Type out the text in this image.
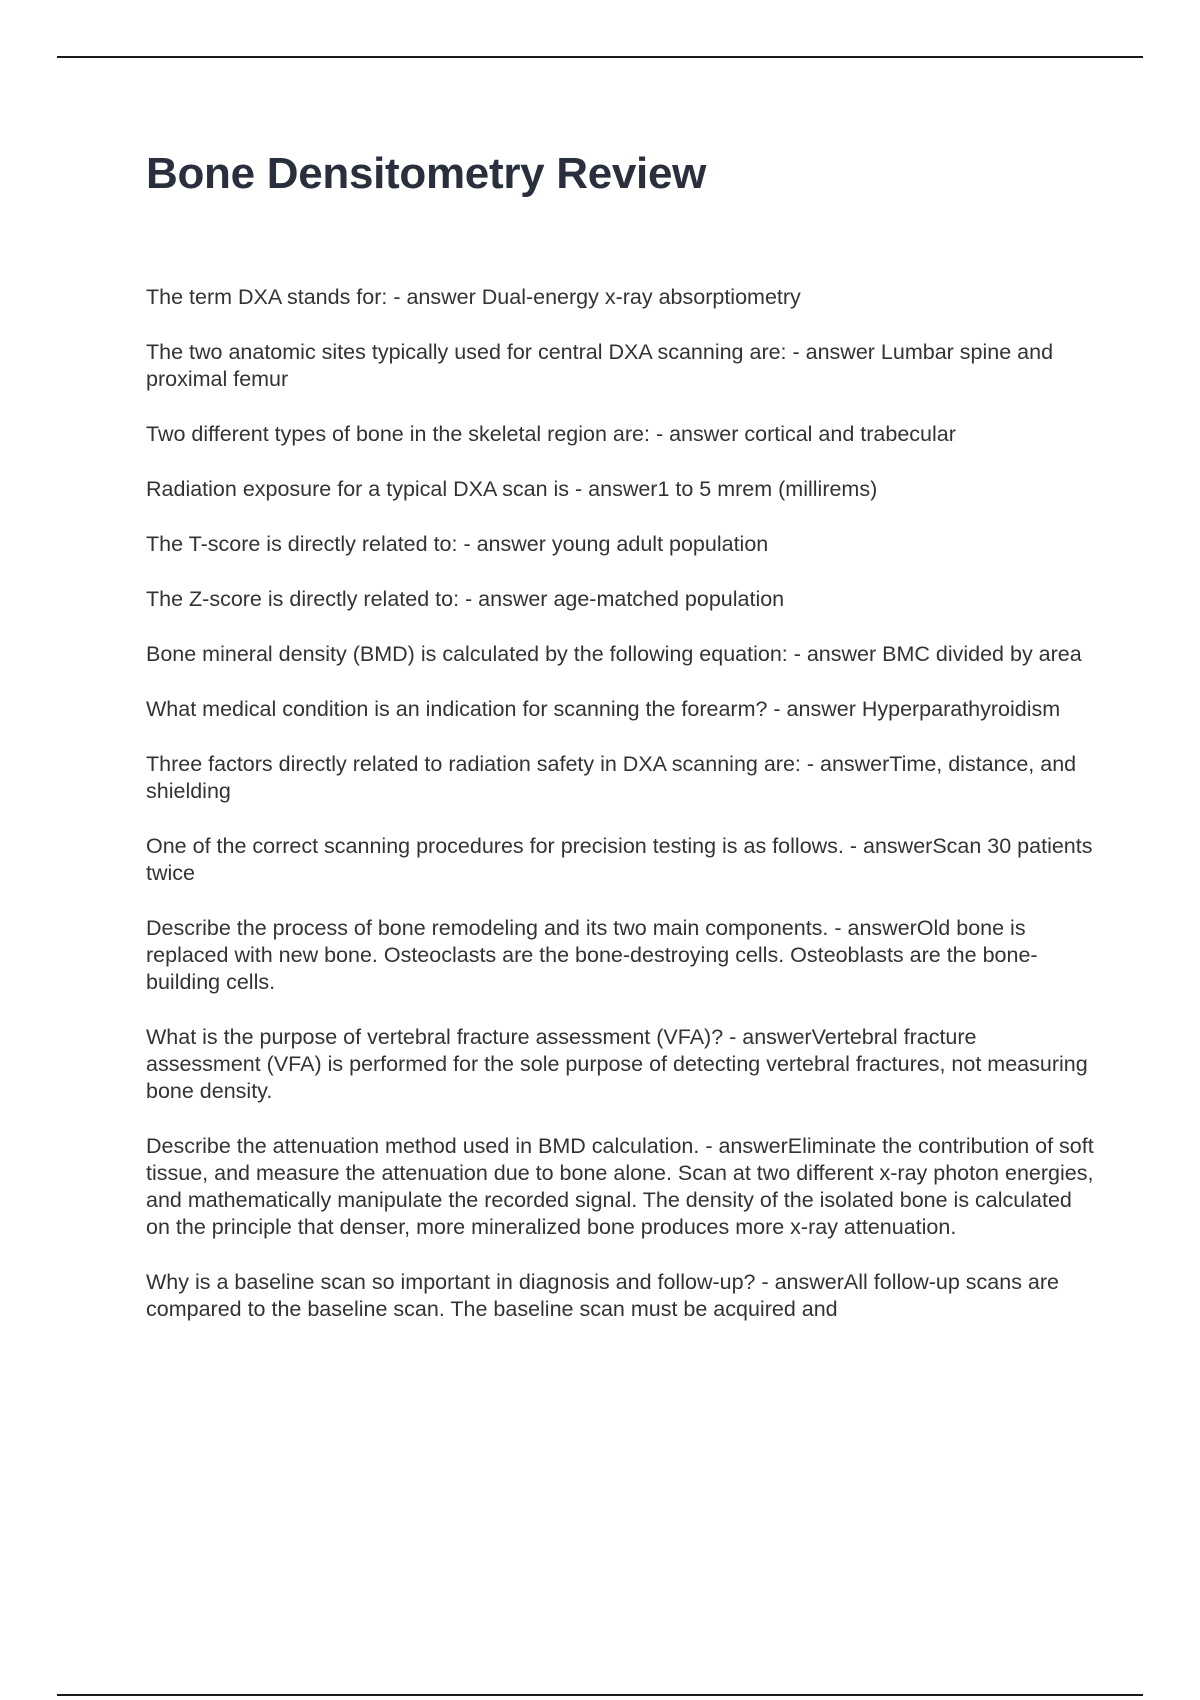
Bone Densitometry Review
The term DXA stands for: - answer Dual-energy x-ray absorptiometry
The two anatomic sites typically used for central DXA scanning are: - answer Lumbar spine and proximal femur
Two different types of bone in the skeletal region are: - answer cortical and trabecular
Radiation exposure for a typical DXA scan is - answer1 to 5 mrem (millirems)
The T-score is directly related to: - answer young adult population
The Z-score is directly related to: - answer age-matched population
Bone mineral density (BMD) is calculated by the following equation: - answer BMC divided by area
What medical condition is an indication for scanning the forearm? - answer Hyperparathyroidism
Three factors directly related to radiation safety in DXA scanning are: - answerTime, distance, and shielding
One of the correct scanning procedures for precision testing is as follows. - answerScan 30 patients twice
Describe the process of bone remodeling and its two main components. - answerOld bone is replaced with new bone. Osteoclasts are the bone-destroying cells. Osteoblasts are the bone-building cells.
What is the purpose of vertebral fracture assessment (VFA)? - answerVertebral fracture assessment (VFA) is performed for the sole purpose of detecting vertebral fractures, not measuring bone density.
Describe the attenuation method used in BMD calculation. - answerEliminate the contribution of soft tissue, and measure the attenuation due to bone alone. Scan at two different x-ray photon energies, and mathematically manipulate the recorded signal. The density of the isolated bone is calculated on the principle that denser, more mineralized bone produces more x-ray attenuation.
Why is a baseline scan so important in diagnosis and follow-up? - answerAll follow-up scans are compared to the baseline scan. The baseline scan must be acquired and
